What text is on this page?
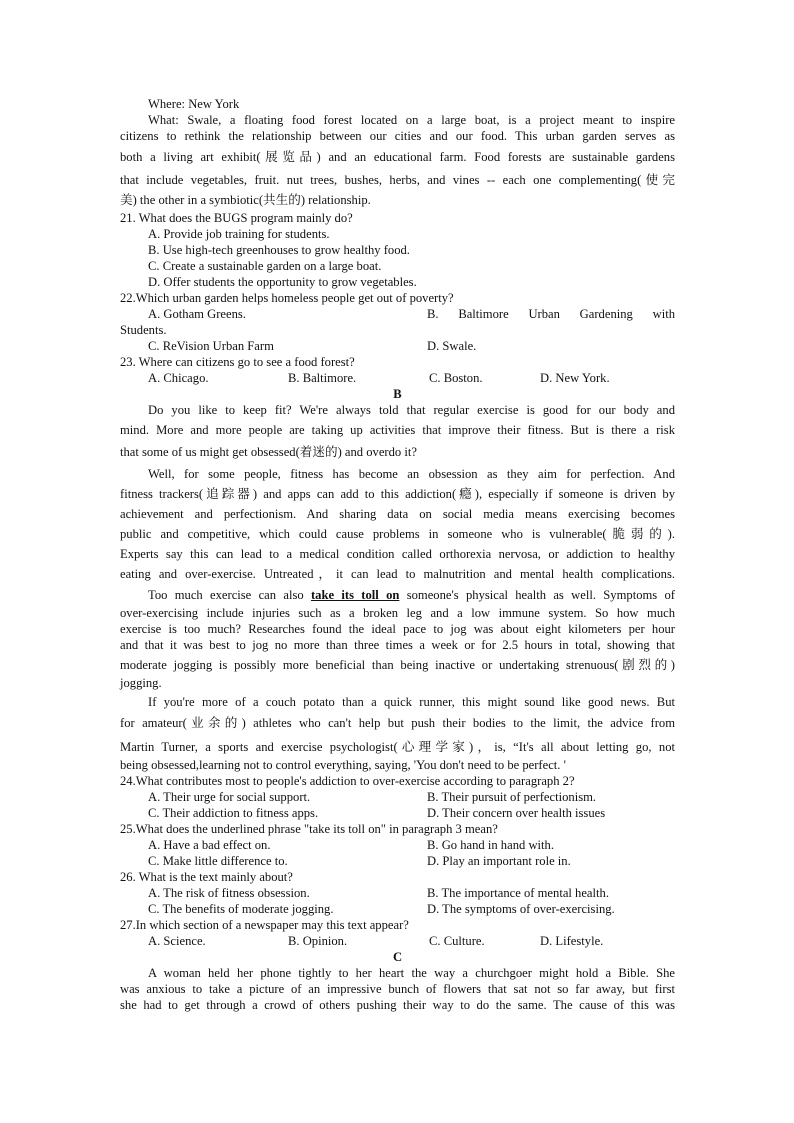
Where: New York

What: Swale, a floating food forest located on a large boat, is a project meant to inspire

citizens to rethink the relationship between our cities and our food. This urban garden serves as

both a living art exhibit(展览品) and an educational farm. Food forests are sustainable gardens

that include vegetables, fruit. nut trees, bushes, herbs, and vines -- each one complementing(使完

美) the other in a symbiotic(共生的) relationship.

21. What does the BUGS program mainly do?

A. Provide job training for students.

B. Use high-tech greenhouses to grow healthy food.

C. Create a sustainable garden on a large boat.

D. Offer students the opportunity to grow vegetables.

22.Which urban garden helps homeless people get out of poverty?

A. Gotham Greens.	B. Baltimore Urban Gardening with

Students.

C. ReVision Urban Farm	D. Swale.

23. Where can citizens go to see a food forest?

A. Chicago.	B. Baltimore.	C. Boston.	D. New York.

B

Do you like to keep fit? We're always told that regular exercise is good for our body and

mind. More and more people are taking up activities that improve their fitness. But is there a risk

that some of us might get obsessed(着迷的) and overdo it?

Well, for some people, fitness has become an obsession as they aim for perfection. And

fitness trackers(追踪器) and apps can add to this addiction(瘾), especially if someone is driven by

achievement and perfectionism. And sharing data on social media means exercising becomes

public and competitive, which could cause problems in someone who is vulnerable(脆弱的).

Experts say this can lead to a medical condition called orthorexia nervosa, or addiction to healthy

eating and over-exercise. Untreated，it can lead to malnutrition and mental health complications.

Too much exercise can also take its toll on someone's physical health as well. Symptoms of

over-exercising include injuries such as a broken leg and a low immune system. So how much

exercise is too much? Researches found the ideal pace to jog was about eight kilometers per hour

and that it was best to jog no more than three times a week or for 2.5 hours in total, showing that

moderate jogging is possibly more beneficial than being inactive or undertaking strenuous(剧烈的)

jogging.

If you're more of a couch potato than a quick runner, this might sound like good news. But

for amateur(业余的) athletes who can't help but push their bodies to the limit, the advice from

Martin Turner, a sports and exercise psychologist(心理学家)，is, “It's all about letting go, not

being obsessed,learning not to control everything, saying, 'You don't need to be perfect. '

24.What contributes most to people's addiction to over-exercise according to paragraph 2?

A. Their urge for social support.	B. Their pursuit of perfectionism.
C. Their addiction to fitness apps.	D. Their concern over health issues

25.What does the underlined phrase "take its toll on" in paragraph 3 mean?

A. Have a bad effect on.	B. Go hand in hand with.
C. Make little difference to.	D. Play an important role in.

26. What is the text mainly about?

A. The risk of fitness obsession.	B. The importance of mental health.
C. The benefits of moderate jogging.	D. The symptoms of over-exercising.

27.In which section of a newspaper may this text appear?

A. Science.	B. Opinion.	C. Culture.	D. Lifestyle.

C

A woman held her phone tightly to her heart the way a churchgoer might hold a Bible. She

was anxious to take a picture of an impressive bunch of flowers that sat not so far away, but first

she had to get through a crowd of others pushing their way to do the same. The cause of this was
